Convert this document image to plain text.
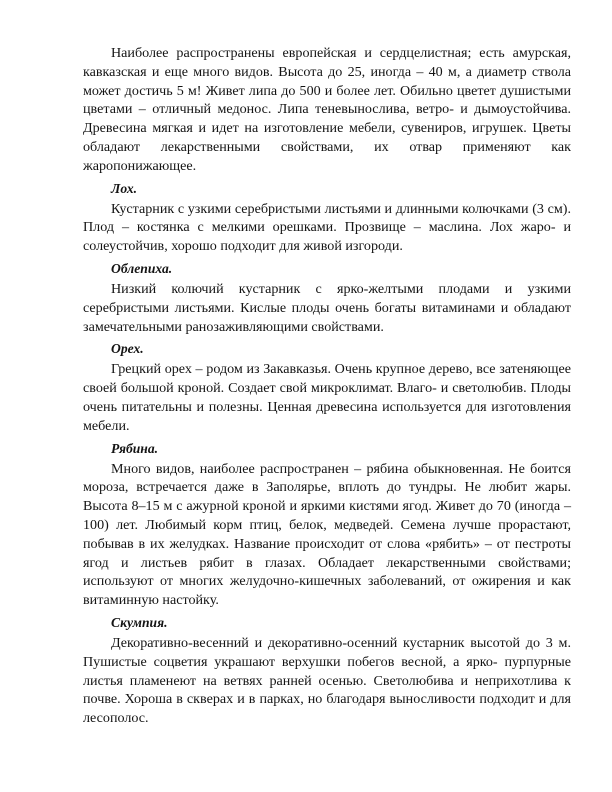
Наиболее распространены европейская и сердцелистная; есть амурская, кавказская и еще много видов. Высота до 25, иногда – 40 м, а диаметр ствола может достичь 5 м! Живет липа до 500 и более лет. Обильно цветет душистыми цветами – отличный медонос. Липа теневыносливa, ветро- и дымоустойчива. Древесина мягкая и идет на изготовление мебели, сувениров, игрушек. Цветы обладают лекарственными свойствами, их отвар применяют как жаропонижающее.

Лох.

Кустарник с узкими серебристыми листьями и длинными колючками (3 см). Плод – костянка с мелкими орешками. Прозвище – маслина. Лох жаро- и солеустойчив, хорошо подходит для живой изгороди.

Облепиха.

Низкий колючий кустарник с ярко-желтыми плодами и узкими серебристыми листьями. Кислые плоды очень богаты витаминами и обладают замечательными ранозаживляющими свойствами.

Орех.

Грецкий орех – родом из Закавказья. Очень крупное дерево, все затеняющее своей большой кроной. Создает свой микроклимат. Влаго- и светолюбив. Плоды очень питательны и полезны. Ценная древесина используется для изготовления мебели.

Рябина.

Много видов, наиболее распространен – рябина обыкновенная. Не боится мороза, встречается даже в Заполярье, вплоть до тундры. Не любит жары. Высота 8–15 м с ажурной кроной и яркими кистями ягод. Живет до 70 (иногда – 100) лет. Любимый корм птиц, белок, медведей. Семена лучше прорастают, побывав в их желудках. Название происходит от слова «рябить» – от пестроты ягод и листьев рябит в глазах. Обладает лекарственными свойствами; используют от многих желудочно-кишечных заболеваний, от ожирения и как витаминную настойку.

Скумпия.

Декоративно-весенний и декоративно-осенний кустарник высотой до 3 м. Пушистые соцветия украшают верхушки побегов весной, а ярко- пурпурные листья пламенеют на ветвях ранней осенью. Светолюбива и неприхотлива к почве. Хороша в скверах и в парках, но благодаря выносливости подходит и для лесополос.
